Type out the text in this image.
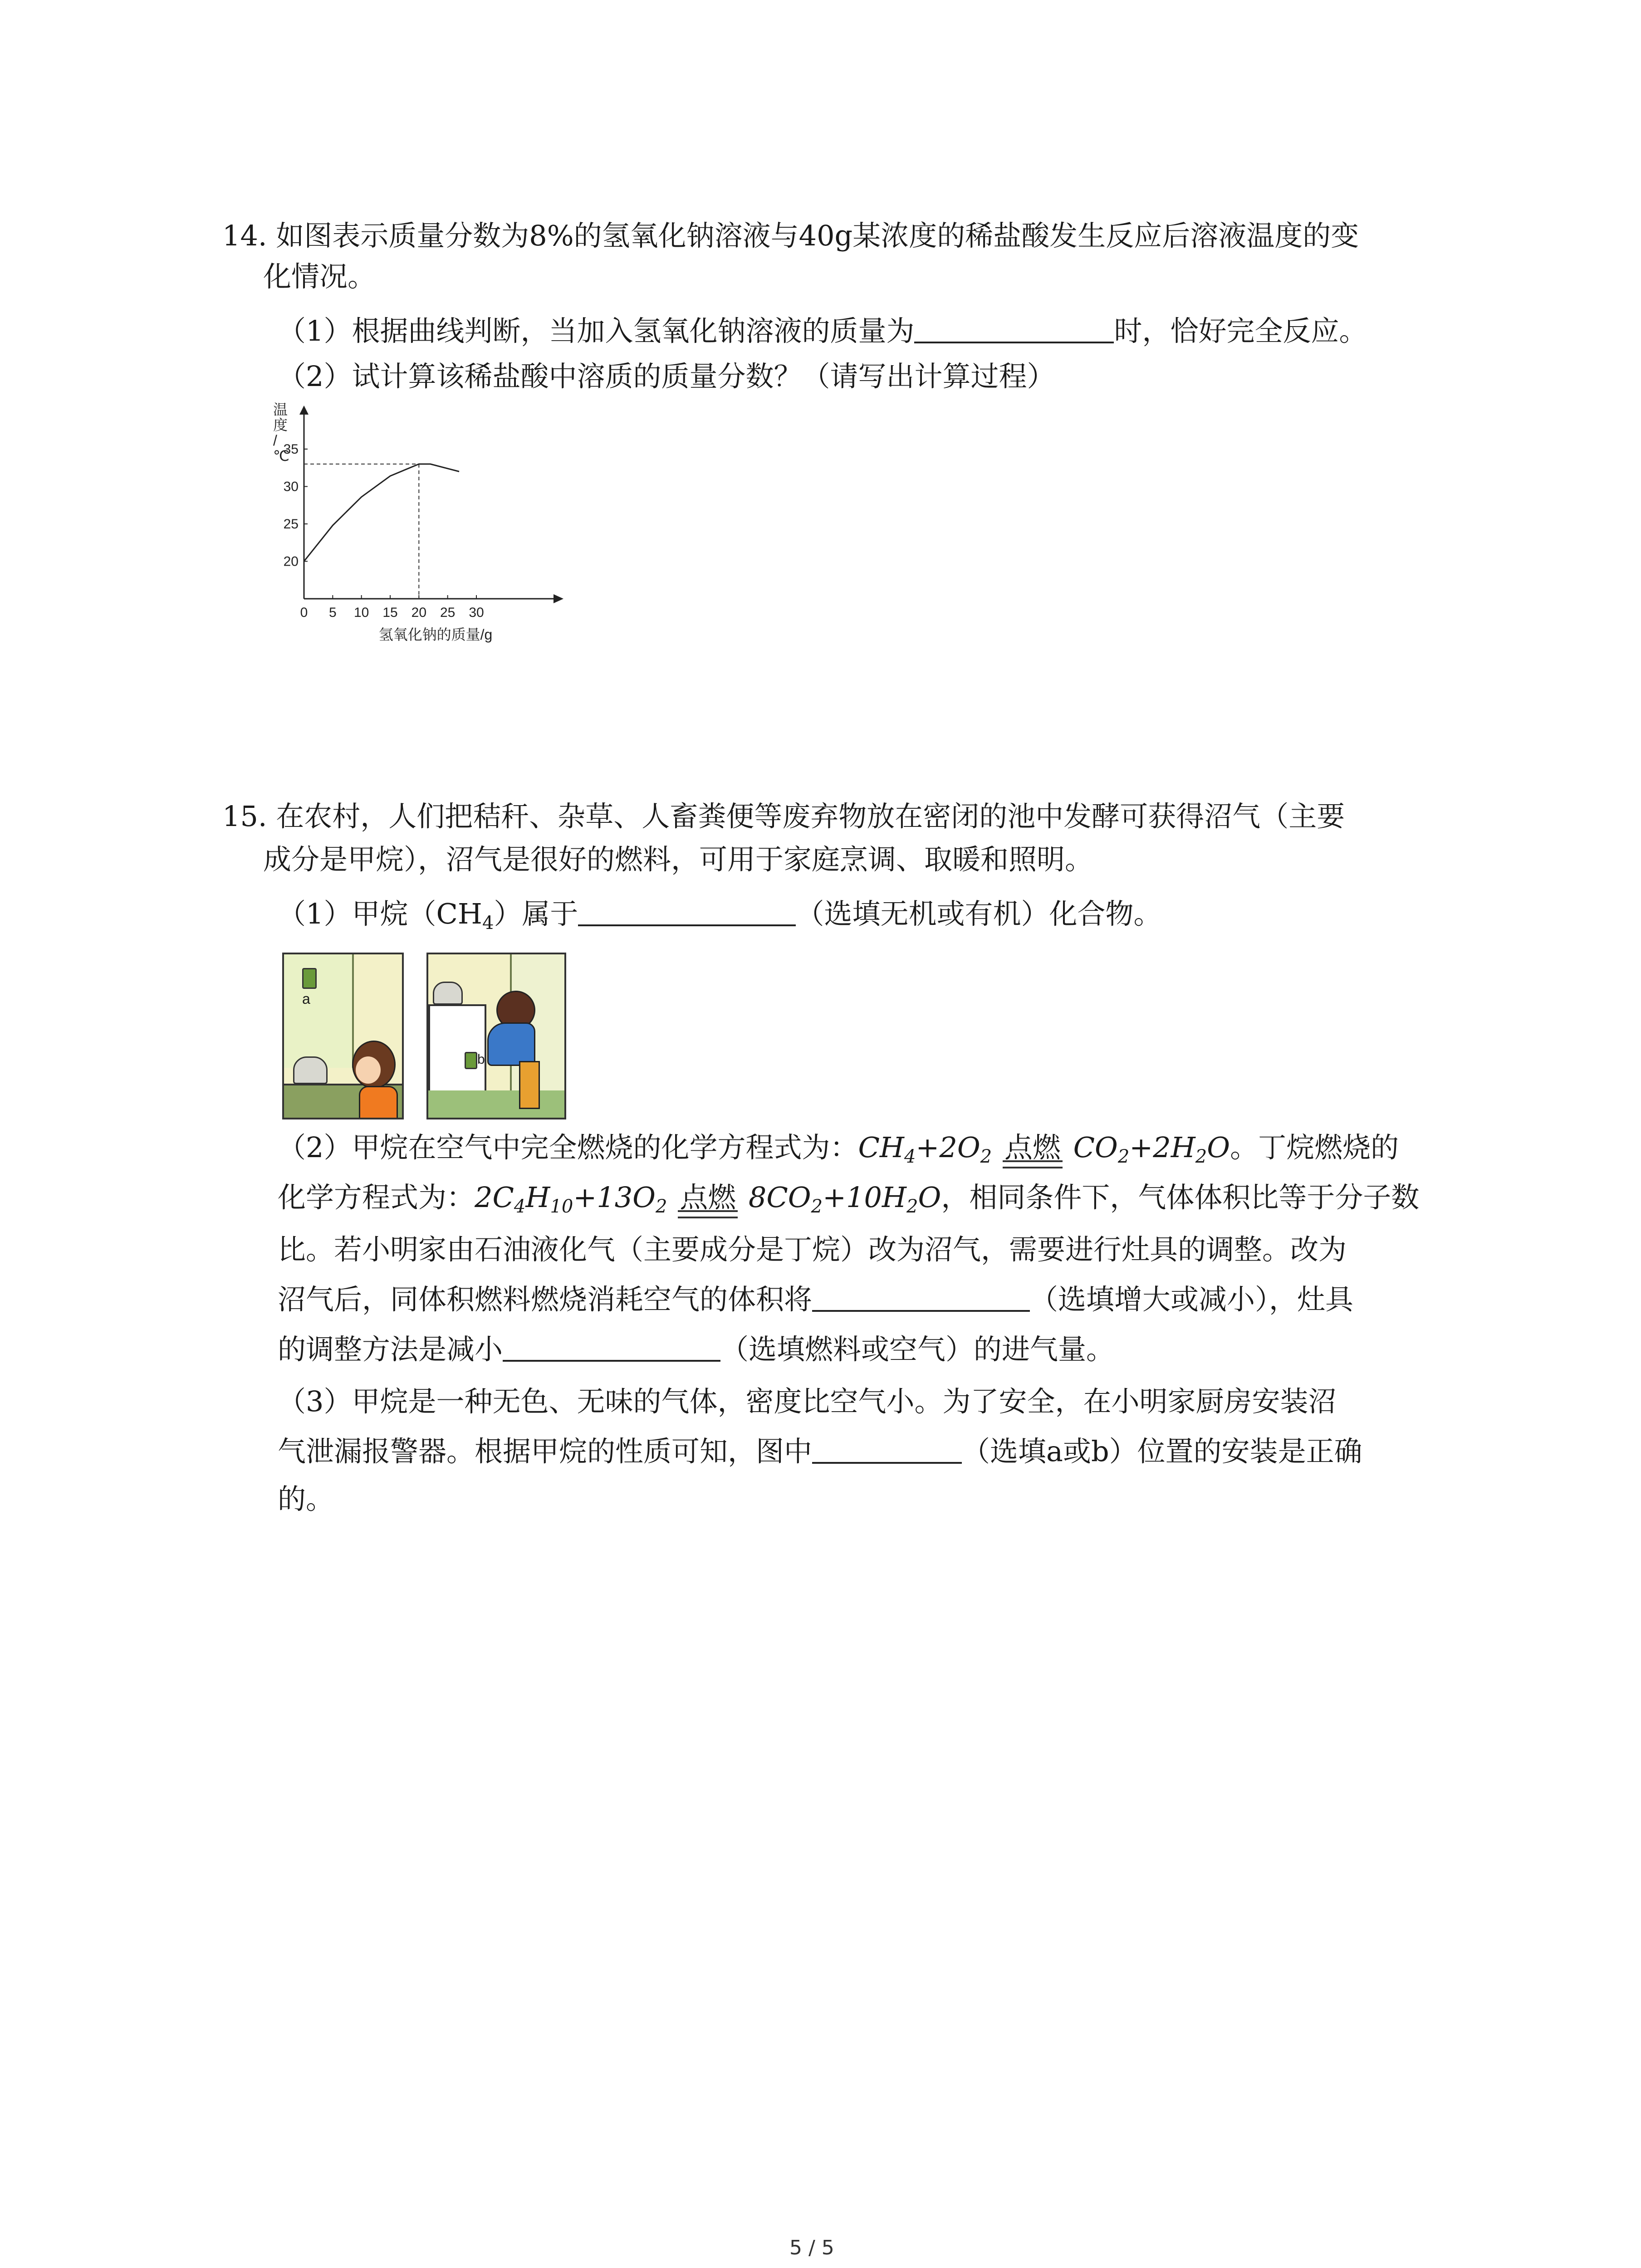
14. 如图表示质量分数为8%的氢氧化钠溶液与40g某浓度的稀盐酸发生反应后溶液温度的变
化情况。
（1）根据曲线判断，当加入氢氧化钠溶液的质量为	时，恰好完全反应。
（2）试计算该稀盐酸中溶质的质量分数？（请写出计算过程）
温度/ ℃
0 5 10 15 20 25 30
20
25
30
35
氢氧化钠的质量/g
15. 在农村，人们把秸秆、杂草、人畜粪便等废弃物放在密闭的池中发酵可获得沼气（主要
成分是甲烷），沼气是很好的燃料，可用于家庭烹调、取暖和照明。
（1）甲烷$(CH_4)$属于	（选填无机或有机）化合物。
a
b
（2）甲烷在空气中完全燃烧的化学方程式为：$CH_4+2O_2$ 点燃 $CO_2+2H_2O$。丁烷燃烧的
化学方程式为：$2C_4H_{10}+13O_2$ 点燃 $8CO_2+10H_2O$，相同条件下，气体体积比等于分子数
比。若小明家由石油液化气（主要成分是丁烷）改为沼气，需要进行灶具的调整。改为
沼气后，同体积燃料燃烧消耗空气的体积将	（选填增大或减小），灶具
的调整方法是减小	（选填燃料或空气）的进气量。
（3）甲烷是一种无色、无味的气体，密度比空气小。为了安全，在小明家厨房安装沼
气泄漏报警器。根据甲烷的性质可知，图中	（选填a或b）位置的安装是正确
的。
5 / 5
